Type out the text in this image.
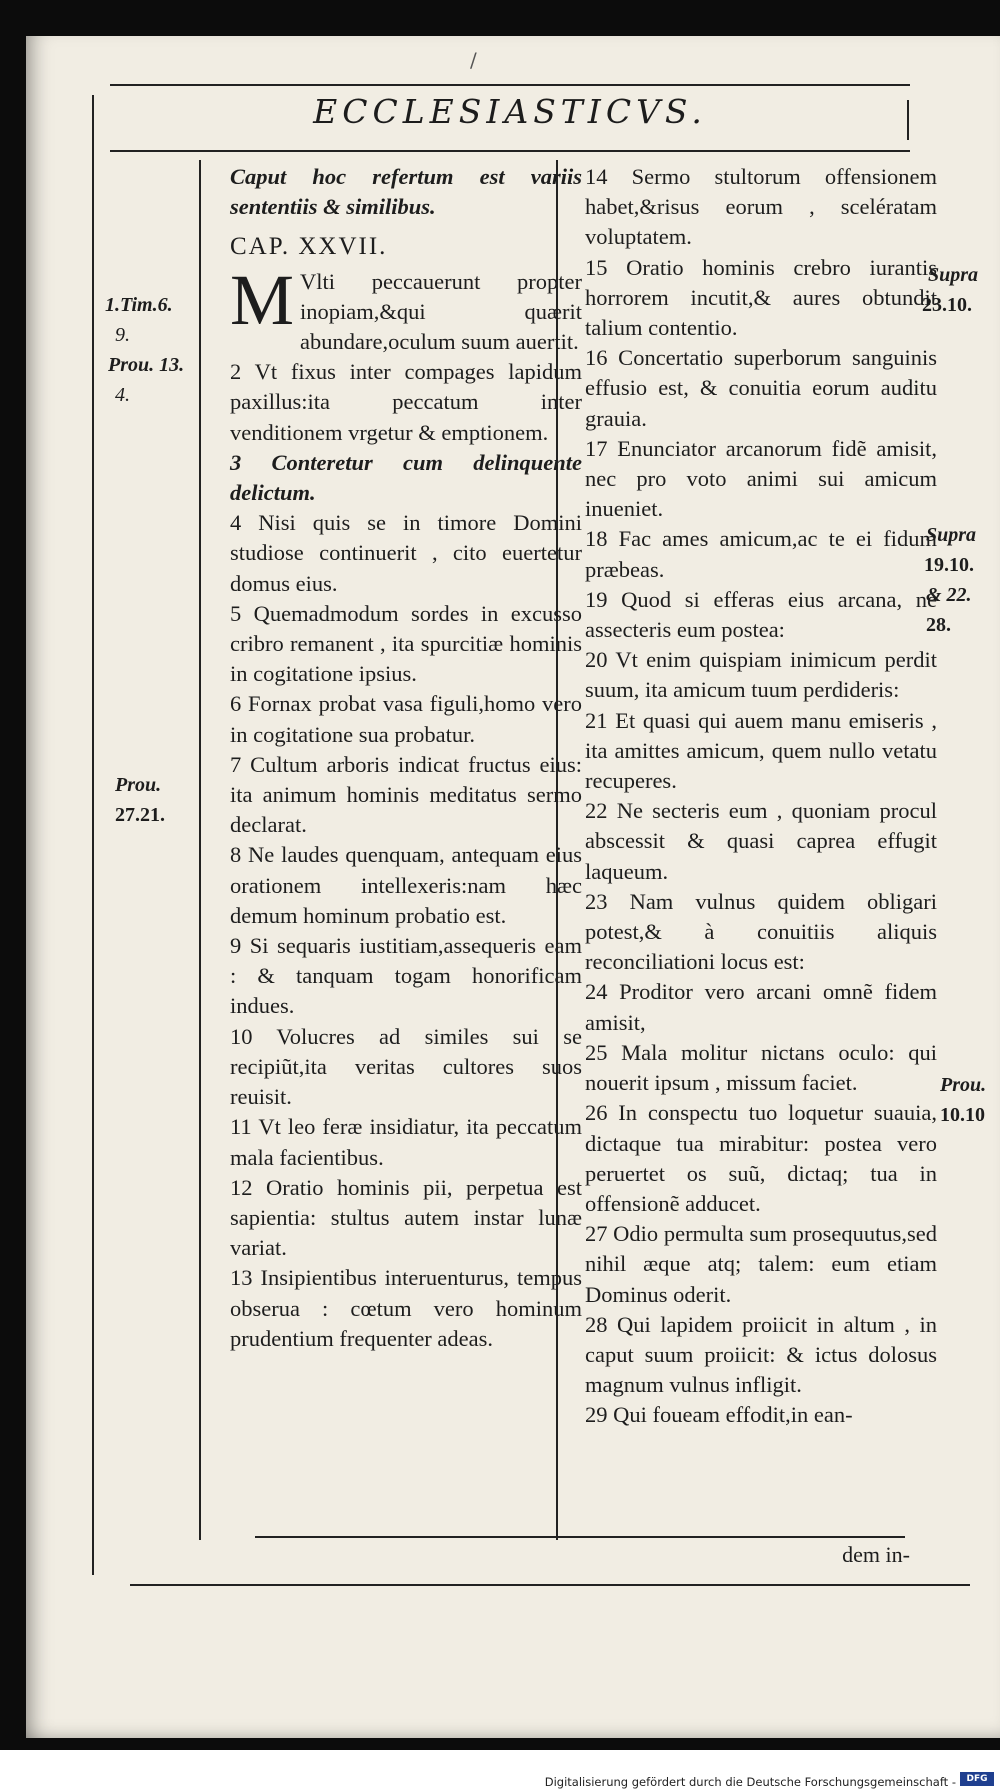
/
ECCLESIASTICVS.

Caput hoc refertum est variis sententiis & similibus.

CAP. XXVII.

M Vlti peccauerunt propter inopiam,&qui quærit abundare,oculum suum auertit.

2 Vt fixus inter compages lapidum paxillus:ita peccatum inter venditionem vrgetur & emptionem.

3 Conteretur cum delinquente delictum.

4 Nisi quis se in timore Domini studiose continuerit , cito euertetur domus eius.

5 Quemadmodum sordes in excusso cribro remanent , ita spurcitiæ hominis in cogitatione ipsius.

6 Fornax probat vasa figuli,homo vero in cogitatione sua probatur.

7 Cultum arboris indicat fructus eius: ita animum hominis meditatus sermo declarat.

8 Ne laudes quenquam, antequam eius orationem intellexeris:nam hæc demum hominum probatio est.

9 Si sequaris iustitiam,assequeris eam : & tanquam togam honorificam indues.

10 Volucres ad similes sui se recipiũt,ita veritas cultores suos reuisit.

11 Vt leo feræ insidiatur, ita peccatum mala facientibus.

12 Oratio hominis pii, perpetua est sapientia: stultus autem instar lunæ variat.

13 Insipientibus interuenturus, tempus obserua : cœtum vero hominum prudentium frequenter adeas.

14 Sermo stultorum offensionem habet,&risus eorum , scelératam voluptatem.

15 Oratio hominis crebro iurantis horrorem incutit,& aures obtundit talium contentio.

16 Concertatio superborum sanguinis effusio est, & conuitia eorum auditu grauia.

17 Enunciator arcanorum fidẽ amisit, nec pro voto animi sui amicum inueniet.

18 Fac ames amicum,ac te ei fidum præbeas.

19 Quod si efferas eius arcana, ne assecteris eum postea:

20 Vt enim quispiam inimicum perdit suum, ita amicum tuum perdideris:

21 Et quasi qui auem manu emiseris , ita amittes amicum, quem nullo vetatu recuperes.

22 Ne secteris eum , quoniam procul abscessit & quasi caprea effugit laqueum.

23 Nam vulnus quidem obligari potest,& à conuitiis aliquis reconciliationi locus est:

24 Proditor vero arcani omnẽ fidem amisit,

25 Mala molitur nictans oculo: qui nouerit ipsum , missum faciet.

26 In conspectu tuo loquetur suauia, dictaque tua mirabitur: postea vero peruertet os suũ, dictaq; tua in offensionẽ adducet.

27 Odio permulta sum prosequutus,sed nihil æque atq; talem: eum etiam Dominus oderit.

28 Qui lapidem proiicit in altum , in caput suum proiicit: & ictus dolosus magnum vulnus infligit.

29 Qui foueam effodit,in ean-

dem in-
1.Tim.6.
9.
Prou. 13.
4.
Prou.
27.21.
Supra
23.10.
Supra
19.10.
& 22.
28.
Prou.
10.10
Digitalisierung gefördert durch die Deutsche Forschungsgemeinschaft -	DFG
